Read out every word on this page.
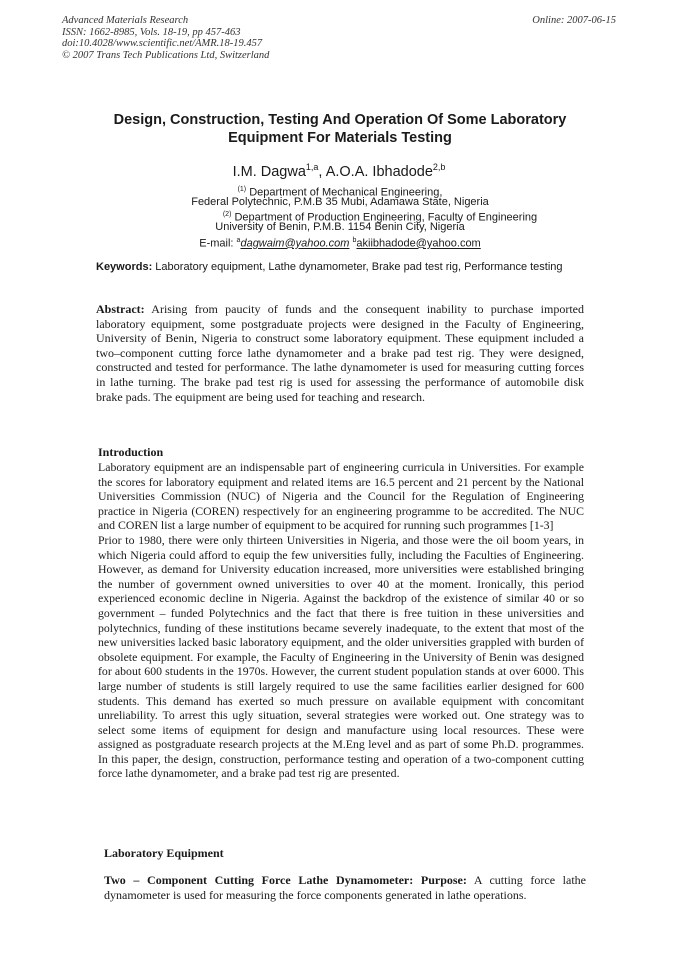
Advanced Materials Research
ISSN: 1662-8985, Vols. 18-19, pp 457-463
doi:10.4028/www.scientific.net/AMR.18-19.457
© 2007 Trans Tech Publications Ltd, Switzerland
Online: 2007-06-15
Design, Construction, Testing And Operation Of Some Laboratory
Equipment For Materials Testing
I.M. Dagwa$^{1,a}$, A.O.A. Ibhadode$^{2,b}$
$^{(1)}$ Department of Mechanical Engineering,
Federal Polytechnic, P.M.B 35 Mubi, Adamawa State, Nigeria
$^{(2)}$ Department of Production Engineering, Faculty of Engineering
University of Benin, P.M.B. 1154 Benin City, Nigeria
E-mail: $^a$dagwaim@yahoo.com $^b$akiibhadode@yahoo.com
Keywords: Laboratory equipment, Lathe dynamometer, Brake pad test rig, Performance testing
Abstract: Arising from paucity of funds and the consequent inability to purchase imported laboratory equipment, some postgraduate projects were designed in the Faculty of Engineering, University of Benin, Nigeria to construct some laboratory equipment. These equipment included a two–component cutting force lathe dynamometer and a brake pad test rig. They were designed, constructed and tested for performance. The lathe dynamometer is used for measuring cutting forces in lathe turning. The brake pad test rig is used for assessing the performance of automobile disk brake pads. The equipment are being used for teaching and research.
Introduction

Laboratory equipment are an indispensable part of engineering curricula in Universities. For example the scores for laboratory equipment and related items are 16.5 percent and 21 percent by the National Universities Commission (NUC) of Nigeria and the Council for the Regulation of Engineering practice in Nigeria (COREN) respectively for an engineering programme to be accredited. The NUC and COREN list a large number of equipment to be acquired for running such programmes [1-3]

Prior to 1980, there were only thirteen Universities in Nigeria, and those were the oil boom years, in which Nigeria could afford to equip the few universities fully, including the Faculties of Engineering. However, as demand for University education increased, more universities were established bringing the number of government owned universities to over 40 at the moment. Ironically, this period experienced economic decline in Nigeria. Against the backdrop of the existence of similar 40 or so government – funded Polytechnics and the fact that there is free tuition in these universities and polytechnics, funding of these institutions became severely inadequate, to the extent that most of the new universities lacked basic laboratory equipment, and the older universities grappled with burden of obsolete equipment. For example, the Faculty of Engineering in the University of Benin was designed for about 600 students in the 1970s. However, the current student population stands at over 6000. This large number of students is still largely required to use the same facilities earlier designed for 600 students. This demand has exerted so much pressure on available equipment with concomitant unreliability. To arrest this ugly situation, several strategies were worked out. One strategy was to select some items of equipment for design and manufacture using local resources. These were assigned as postgraduate research projects at the M.Eng level and as part of some Ph.D. programmes. In this paper, the design, construction, performance testing and operation of a two-component cutting force lathe dynamometer, and a brake pad test rig are presented.

Laboratory Equipment
Two – Component Cutting Force Lathe Dynamometer: Purpose: A cutting force lathe dynamometer is used for measuring the force components generated in lathe operations.
